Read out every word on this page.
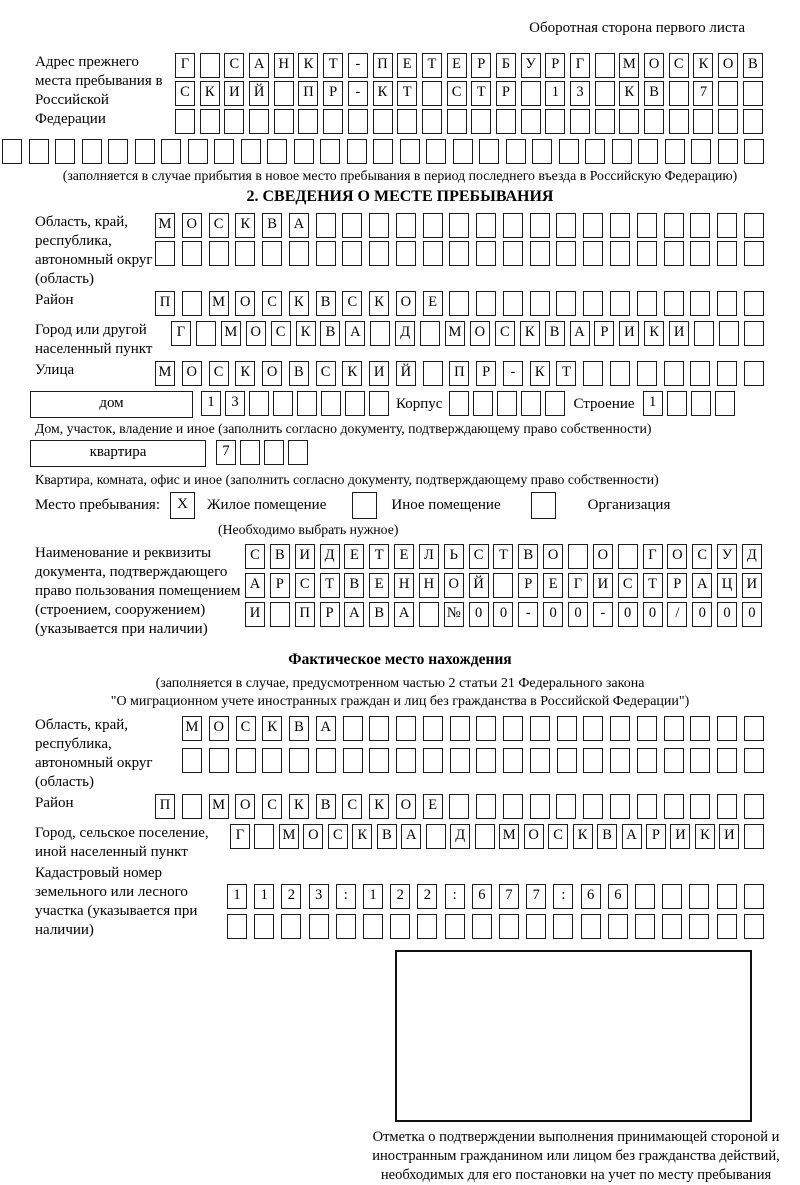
Оборотная сторона первого листа
Адрес прежнего места пребывания в Российской Федерации
Г	С	А Н	К	Т	-	П	Е	Т	Е	Р	Б	У	Р	Г	М О	С	К	О	В
С	К	И Й	П	Р	-	К	Т	С	Т	Р	1	3	К	В	7
(заполняется в случае прибытия в новое место пребывания в период последнего въезда в Российскую Федерацию)
2. СВЕДЕНИЯ О МЕСТЕ ПРЕБЫВАНИЯ
Область, край, республика, автономный округ (область)
М	О	С	К	В	А
Район	П	М	О	С	К	В	С	К	О	Е
Город или другой населенный пункт
Г	М О	С	К	В	А	Д	М О	С	К	В	А	Р	И	К	И
Улица	М	О	С	К	О	В	С	К	И	Й	П	Р	-	К	Т
дом	1	3	Корпус	Строение 1
Дом, участок, владение и иное (заполнить согласно документу, подтверждающему право собственности)
квартира	7
Квартира, комната, офис и иное (заполнить согласно документу, подтверждающему право собственности)
Место пребывания:	X	Жилое помещение	Иное помещение	Организация
(Необходимо выбрать нужное)
Наименование и реквизиты документа, подтверждающего право пользования помещением (строением, сооружением) (указывается при наличии)
С	В	И	Д	Е	Т	Е	Л	Ь	С	Т	В	О	О	Г	О	С	У	Д
А	Р	С	Т	В	Е	Н Н О Й	Р	Е	Г	И	С	Т	Р	А Ц И
И	П	Р	А	В	А	№ 0	0	-	0	0	-	0	0	/	0	0	0
Фактическое место нахождения
(заполняется в случае, предусмотренном частью 2 статьи 21 Федерального закона
"О миграционном учете иностранных граждан и лиц без гражданства в Российской Федерации")
Область, край, республика, автономный округ (область)
М	О	С	К	В	А
Район	П	М	О	С	К	В	С	К	О	Е
Город, сельское поселение, иной населенный пункт
Г	М О С	К	В А	Д	М О С	К	В А	Р	И К И
Кадастровый номер земельного или лесного участка (указывается при наличии)
1	1	2	3	:	1	2	2	:	6	7	7	:	6	6
Отметка о подтверждении выполнения принимающей стороной и иностранным гражданином или лицом без гражданства действий, необходимых для его постановки на учет по месту пребывания
